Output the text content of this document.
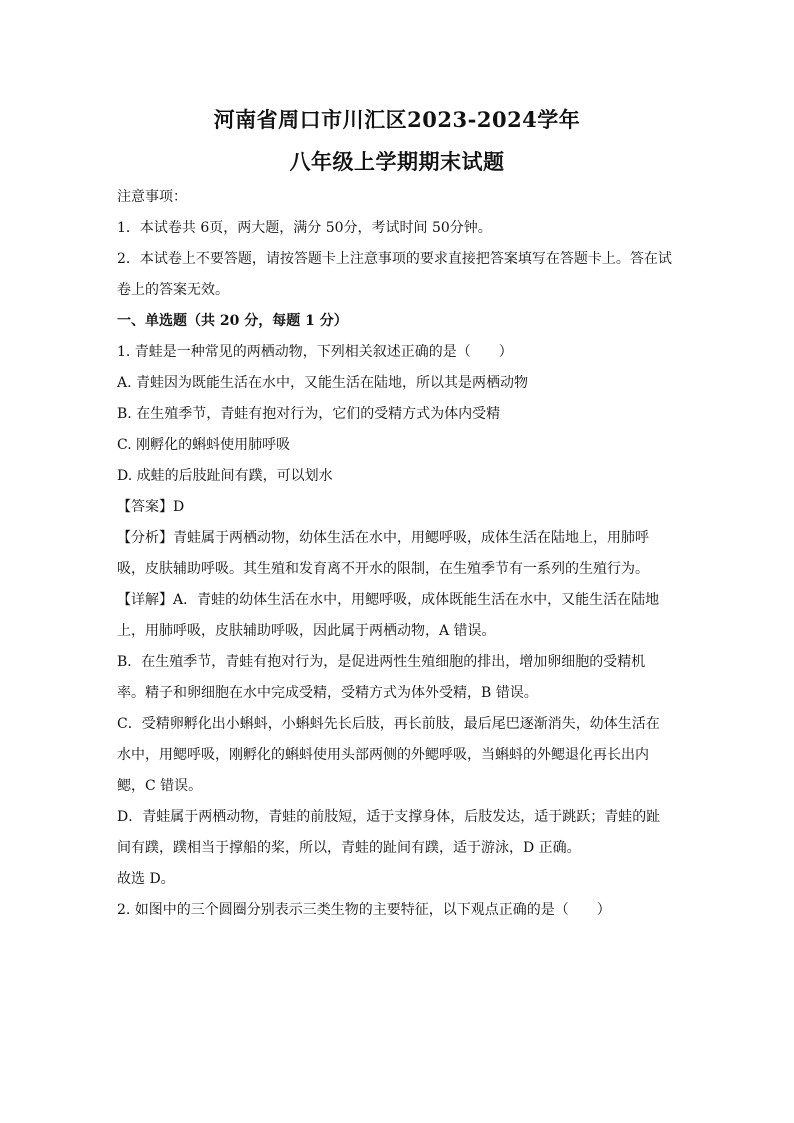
河南省周口市川汇区2023-2024学年
八年级上学期期末试题
注意事项：
1．本试卷共 6页，两大题，满分 50分，考试时间 50分钟。
2．本试卷上不要答题，请按答题卡上注意事项的要求直接把答案填写在答题卡上。答在试
卷上的答案无效。
一、单选题（共 20 分，每题 1 分）
1. 青蛙是一种常见的两栖动物，下列相关叙述正确的是（　　）
A. 青蛙因为既能生活在水中，又能生活在陆地，所以其是两栖动物
B. 在生殖季节，青蛙有抱对行为，它们的受精方式为体内受精
C. 刚孵化的蝌蚪使用肺呼吸
D. 成蛙的后肢趾间有蹼，可以划水
【答案】D
【分析】青蛙属于两栖动物，幼体生活在水中，用鳃呼吸，成体生活在陆地上，用肺呼
吸，皮肤辅助呼吸。其生殖和发育离不开水的限制，在生殖季节有一系列的生殖行为。
【详解】A．青蛙的幼体生活在水中，用鳃呼吸，成体既能生活在水中，又能生活在陆地
上，用肺呼吸，皮肤辅助呼吸，因此属于两栖动物，A 错误。
B．在生殖季节，青蛙有抱对行为，是促进两性生殖细胞的排出，增加卵细胞的受精机
率。精子和卵细胞在水中完成受精，受精方式为体外受精，B 错误。
C．受精卵孵化出小蝌蚪，小蝌蚪先长后肢，再长前肢，最后尾巴逐渐消失，幼体生活在
水中，用鳃呼吸，刚孵化的蝌蚪使用头部两侧的外鳃呼吸，当蝌蚪的外鳃退化再长出内
鳃，C 错误。
D．青蛙属于两栖动物，青蛙的前肢短，适于支撑身体，后肢发达，适于跳跃；青蛙的趾
间有蹼，蹼相当于撑船的桨，所以，青蛙的趾间有蹼，适于游泳，D 正确。
故选 D。
2. 如图中的三个圆圈分别表示三类生物的主要特征，以下观点正确的是（　　）
